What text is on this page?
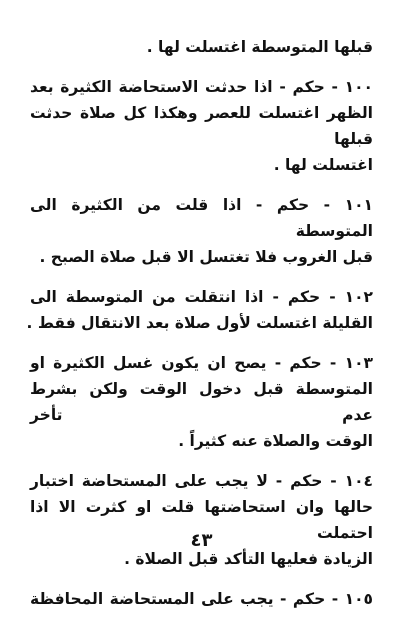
قبلها المتوسطة اغتسلت لها .

١٠٠ - حكم - اذا حدثت الاستحاضة الكثيرة بعد

الظهر اغتسلت للعصر وهكذا كل صلاة حدثت قبلها

اغتسلت لها .

١٠١ - حكم - اذا قلت من الكثيرة الى المتوسطة

قبل الغروب فلا تغتسل الا قبل صلاة الصبح .

١٠٢ - حكم - اذا انتقلت من المتوسطة الى

القليلة اغتسلت لأول صلاة بعد الانتقال فقط .

١٠٣ - حكم - يصح ان يكون غسل الكثيرة او

المتوسطة قبل دخول الوقت ولكن بشرط عدم تأخر

الوقت والصلاة عنه كثيراً .

١٠٤ - حكم - لا يجب على المستحاضة اختبار

حالها وان استحاضتها قلت او كثرت الا اذا احتملت

الزيادة فعليها التأكد قبل الصلاة .

١٠٥ - حكم - يجب على المستحاضة المحافظة

٤٣
